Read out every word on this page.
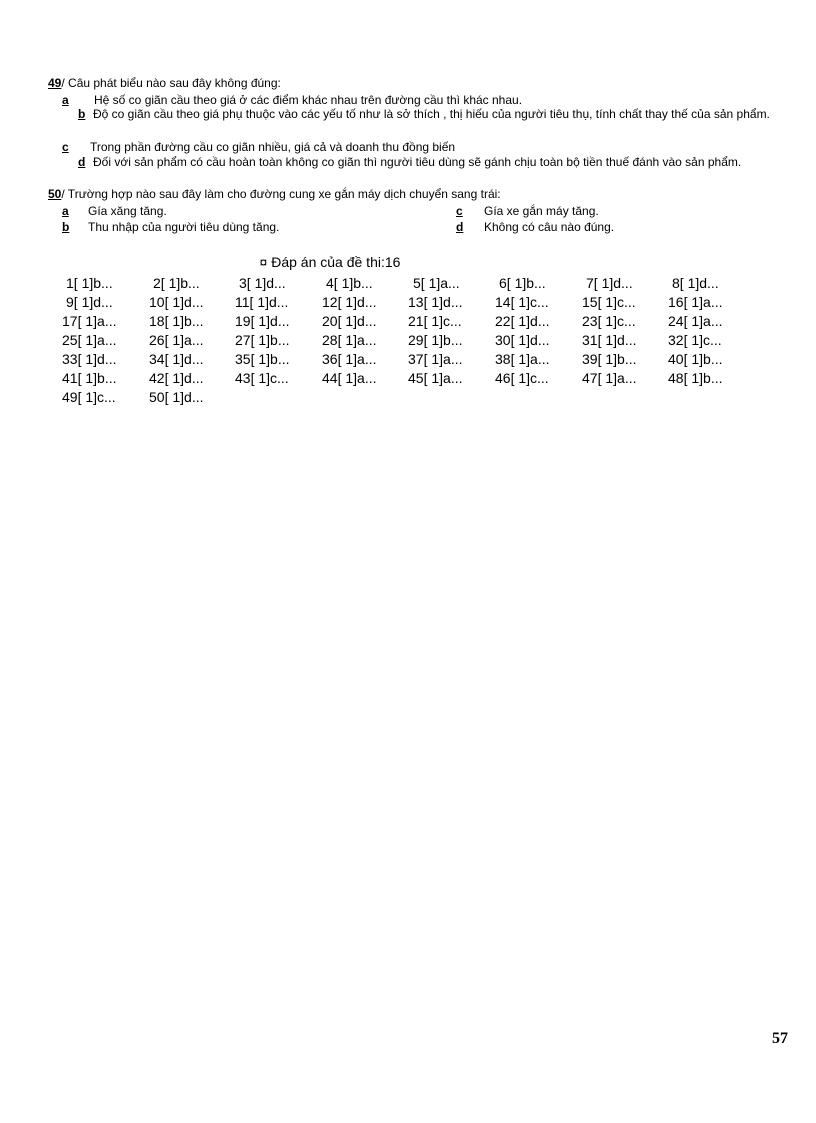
49/ Câu phát biểu nào sau đây không đúng:
a Hệ số co giãn cầu theo giá ở các điểm khác nhau trên đường cầu thì khác nhau.
b Độ co giãn cầu theo giá phụ thuộc vào các yếu tố như là sở thích , thị hiếu của người tiêu thụ, tính chất thay thế của sản phẩm.
c Trong phần đường cầu co giãn nhiều, giá cả và doanh thu đồng biến
d Đối với sản phẩm có cầu hoàn toàn không co giãn thì người tiêu dùng sẽ gánh chịu toàn bộ tiền thuế đánh vào sản phẩm.
50/ Trường hợp nào sau đây làm cho đường cung xe gắn máy dịch chuyển sang trái:
a Gía xăng tăng.
b Thu nhập của người tiêu dùng tăng.
c Gía xe gắn máy tăng.
d Không có câu nào đúng.
¤ Đáp án của đề thi:16
1[ 1]b...	2[ 1]b...	3[ 1]d...	4[ 1]b...	5[ 1]a...	6[ 1]b...	7[ 1]d...	8[ 1]d...
9[ 1]d...	10[ 1]d... 11[ 1]d... 12[ 1]d... 13[ 1]d... 14[ 1]c... 15[ 1]c... 16[ 1]a...
17[ 1]a... 18[ 1]b... 19[ 1]d... 20[ 1]d... 21[ 1]c... 22[ 1]d... 23[ 1]c... 24[ 1]a...
25[ 1]a... 26[ 1]a... 27[ 1]b... 28[ 1]a... 29[ 1]b... 30[ 1]d... 31[ 1]d... 32[ 1]c...
33[ 1]d... 34[ 1]d... 35[ 1]b... 36[ 1]a... 37[ 1]a... 38[ 1]a... 39[ 1]b... 40[ 1]b...
41[ 1]b... 42[ 1]d... 43[ 1]c... 44[ 1]a... 45[ 1]a... 46[ 1]c... 47[ 1]a... 48[ 1]b...
49[ 1]c... 50[ 1]d...
57
